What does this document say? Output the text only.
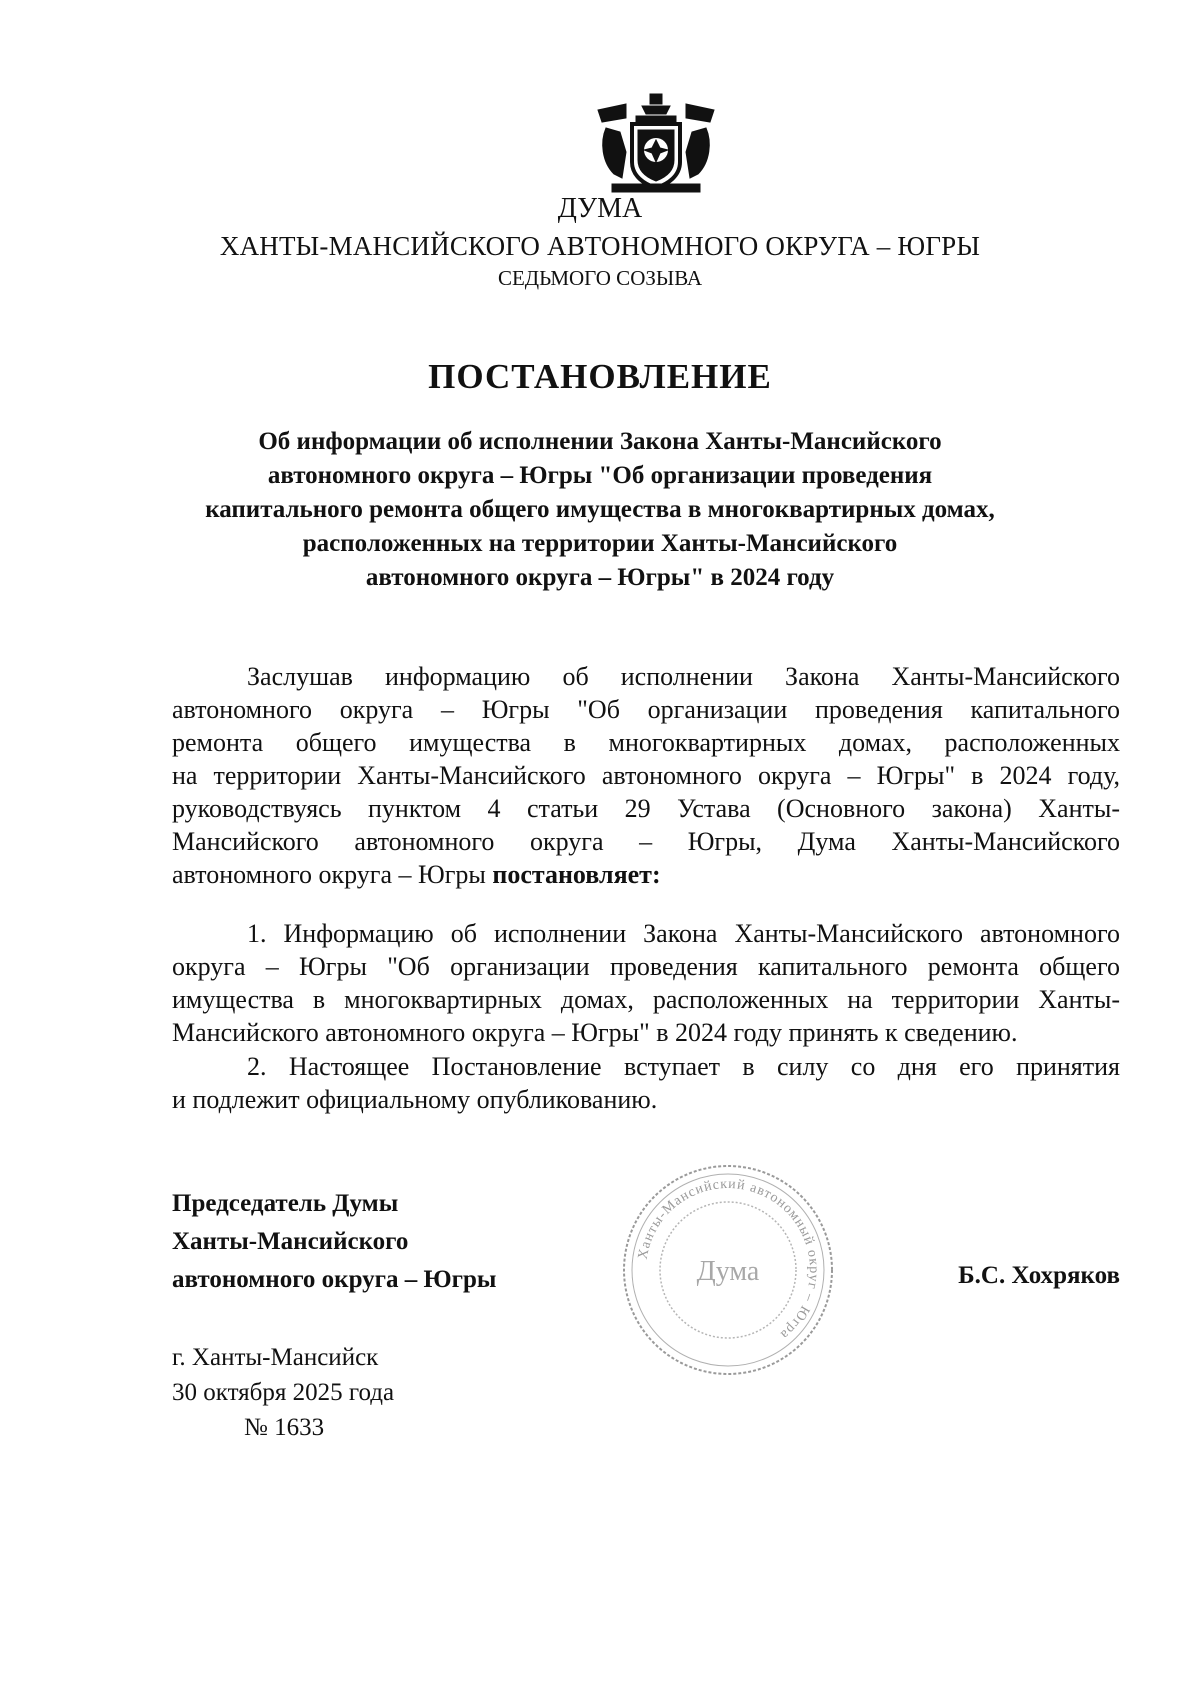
ДУМА
ХАНТЫ-МАНСИЙСКОГО АВТОНОМНОГО ОКРУГА – ЮГРЫ
СЕДЬМОГО СОЗЫВА
ПОСТАНОВЛЕНИЕ
Об информации об исполнении Закона Ханты-Мансийского
автономного округа – Югры "Об организации проведения
капитального ремонта общего имущества в многоквартирных домах,
расположенных на территории Ханты-Мансийского
автономного округа – Югры" в 2024 году
Заслушав информацию об исполнении Закона Ханты-Мансийского
автономного округа – Югры "Об организации проведения капитального
ремонта общего имущества в многоквартирных домах, расположенных
на территории Ханты-Мансийского автономного округа – Югры" в 2024 году,
руководствуясь пунктом 4 статьи 29 Устава (Основного закона) Ханты-
Мансийского автономного округа – Югры, Дума Ханты-Мансийского
автономного округа – Югры постановляет:
1. Информацию об исполнении Закона Ханты-Мансийского автономного
округа – Югры "Об организации проведения капитального ремонта общего
имущества в многоквартирных домах, расположенных на территории Ханты-
Мансийского автономного округа – Югры" в 2024 году принять к сведению.
2. Настоящее Постановление вступает в силу со дня его принятия
и подлежит официальному опубликованию.
Председатель Думы
Ханты-Мансийского
автономного округа – Югры
Ханты-Мансийский автономный округ – Югра
Дума	Б.С. Хохряков
г. Ханты-Мансийск
30 октября 2025 года
№ 1633
